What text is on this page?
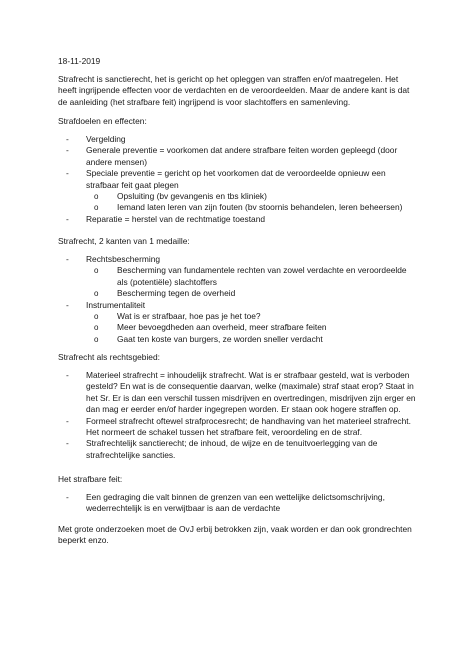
18-11-2019

Strafrecht is sanctierecht, het is gericht op het opleggen van straffen en/of maatregelen. Het heeft ingrijpende effecten voor de verdachten en de veroordeelden. Maar de andere kant is dat de aanleiding (het strafbare feit) ingrijpend is voor slachtoffers en samenleving.

Strafdoelen en effecten:

- Vergelding
- Generale preventie = voorkomen dat andere strafbare feiten worden gepleegd (door andere mensen)
- Speciale preventie = gericht op het voorkomen dat de veroordeelde opnieuw een strafbaar feit gaat plegen
o Opsluiting (bv gevangenis en tbs kliniek)
o Iemand laten leren van zijn fouten (bv stoornis behandelen, leren beheersen)
- Reparatie = herstel van de rechtmatige toestand

Strafrecht, 2 kanten van 1 medaille:

- Rechtsbescherming
o Bescherming van fundamentele rechten van zowel verdachte en veroordeelde als (potentiële) slachtoffers
o Bescherming tegen de overheid
- Instrumentaliteit
o Wat is er strafbaar, hoe pas je het toe?
o Meer bevoegdheden aan overheid, meer strafbare feiten
o Gaat ten koste van burgers, ze worden sneller verdacht

Strafrecht als rechtsgebied:

- Materieel strafrecht = inhoudelijk strafrecht. Wat is er strafbaar gesteld, wat is verboden gesteld? En wat is de consequentie daarvan, welke (maximale) straf staat erop? Staat in het Sr. Er is dan een verschil tussen misdrijven en overtredingen, misdrijven zijn erger en dan mag er eerder en/of harder ingegrepen worden. Er staan ook hogere straffen op.
- Formeel strafrecht oftewel strafprocesrecht; de handhaving van het materieel strafrecht. Het normeert de schakel tussen het strafbare feit, veroordeling en de straf.
- Strafrechtelijk sanctierecht; de inhoud, de wijze en de tenuitvoerlegging van de strafrechtelijke sancties.

Het strafbare feit:

- Een gedraging die valt binnen de grenzen van een wettelijke delictsomschrijving, wederrechtelijk is en verwijtbaar is aan de verdachte

Met grote onderzoeken moet de OvJ erbij betrokken zijn, vaak worden er dan ook grondrechten beperkt enzo.
